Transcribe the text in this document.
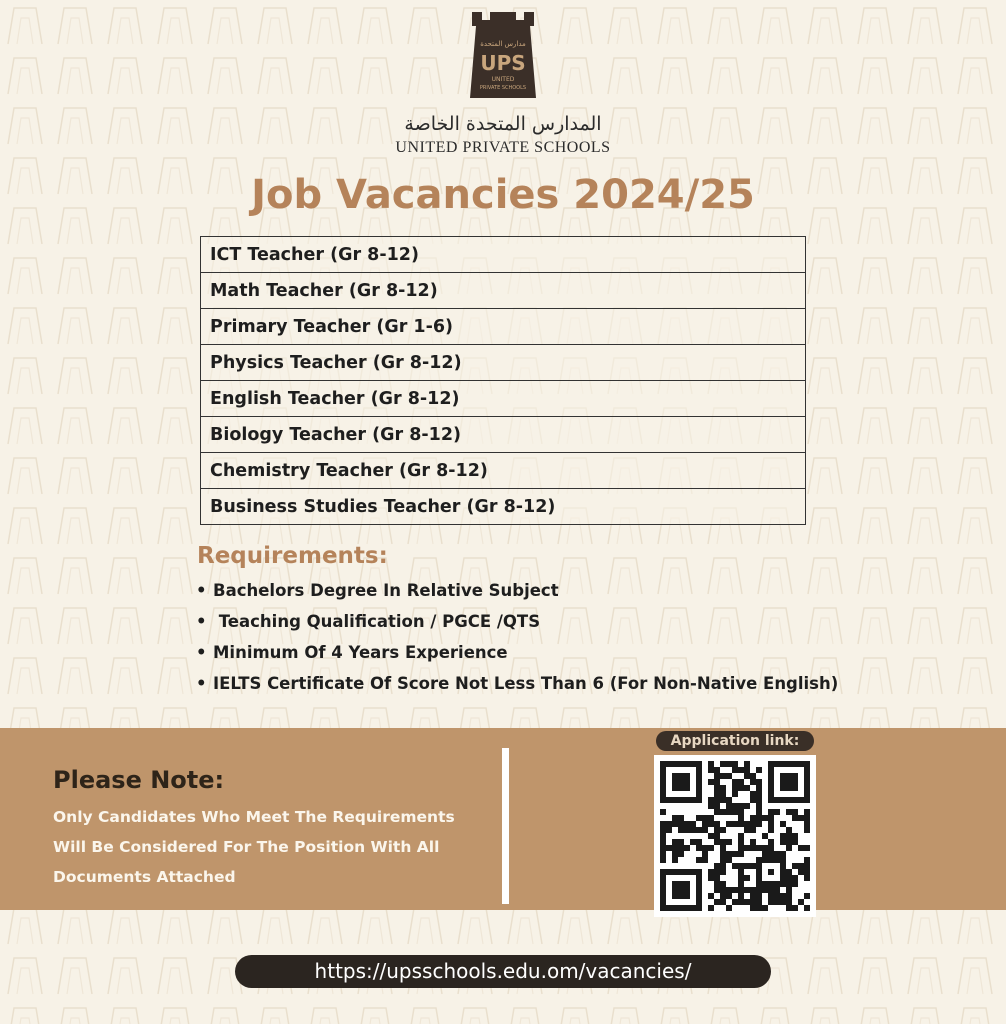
مدارس المتحدة
UPS
UNITED
PRIVATE SCHOOLS
المدارس المتحدة الخاصة
UNITED PRIVATE SCHOOLS
Job Vacancies 2024/25
ICT Teacher (Gr 8-12)
Math Teacher (Gr 8-12)
Primary Teacher (Gr 1-6)
Physics Teacher (Gr 8-12)
English Teacher (Gr 8-12)
Biology Teacher (Gr 8-12)
Chemistry Teacher (Gr 8-12)
Business Studies Teacher (Gr 8-12)
Requirements:
• Bachelors Degree In Relative Subject
• Teaching Qualification / PGCE /QTS
• Minimum Of 4 Years Experience
• IELTS Certificate Of Score Not Less Than 6 (For Non-Native English)
Please Note:
Only Candidates Who Meet The Requirements
Will Be Considered For The Position With All
Documents Attached
Application link:
https://upsschools.edu.om/vacancies/
